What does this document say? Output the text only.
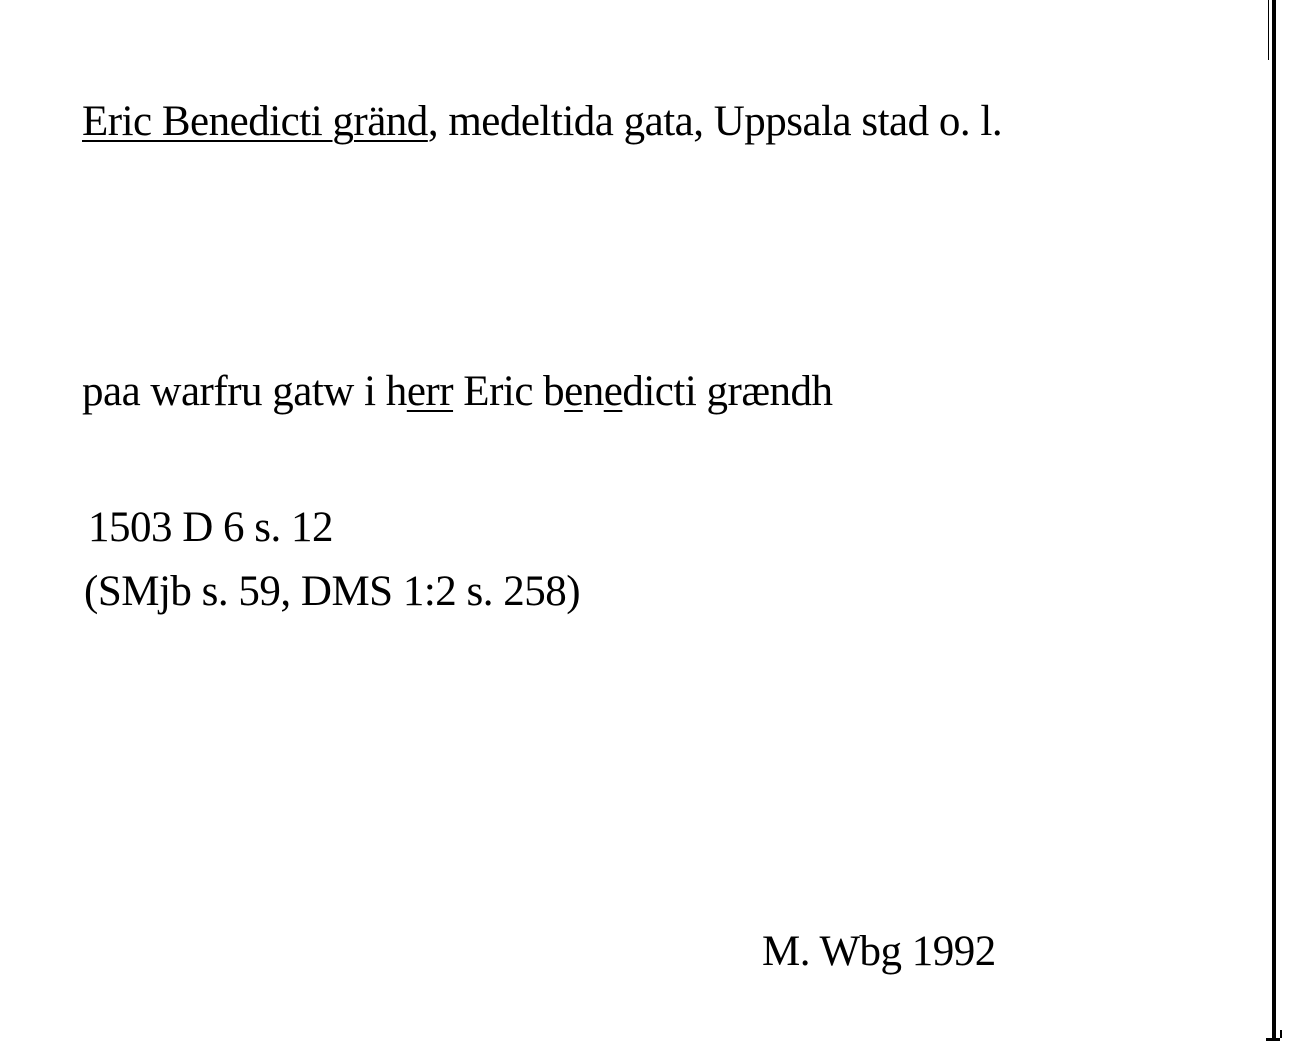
Eric Benedicti gränd, medeltida gata, Uppsala stad o. l.
paa warfru gatw i herr Eric benedicti grændh
1503 D 6 s. 12
(SMjb s. 59, DMS 1:2 s. 258)
M. Wbg 1992
